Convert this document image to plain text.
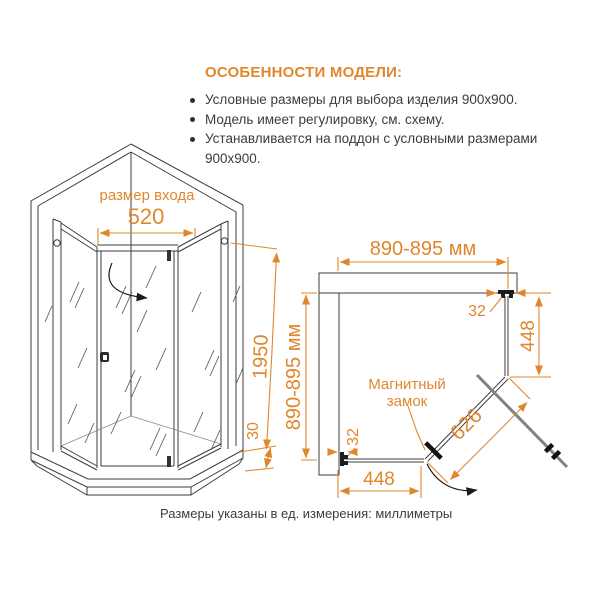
ОСОБЕННОСТИ МОДЕЛИ:
Условные размеры для выбора изделия 900x900.
Модель имеет регулировку, см. схему.
Устанавливается на поддон с условными размерами 900x900.
размер входа
520
1950
30
890-895 мм
890-895 мм
32
448
626
448
32
Магнитный
замок
Размеры указаны в ед. измерения: миллиметры
